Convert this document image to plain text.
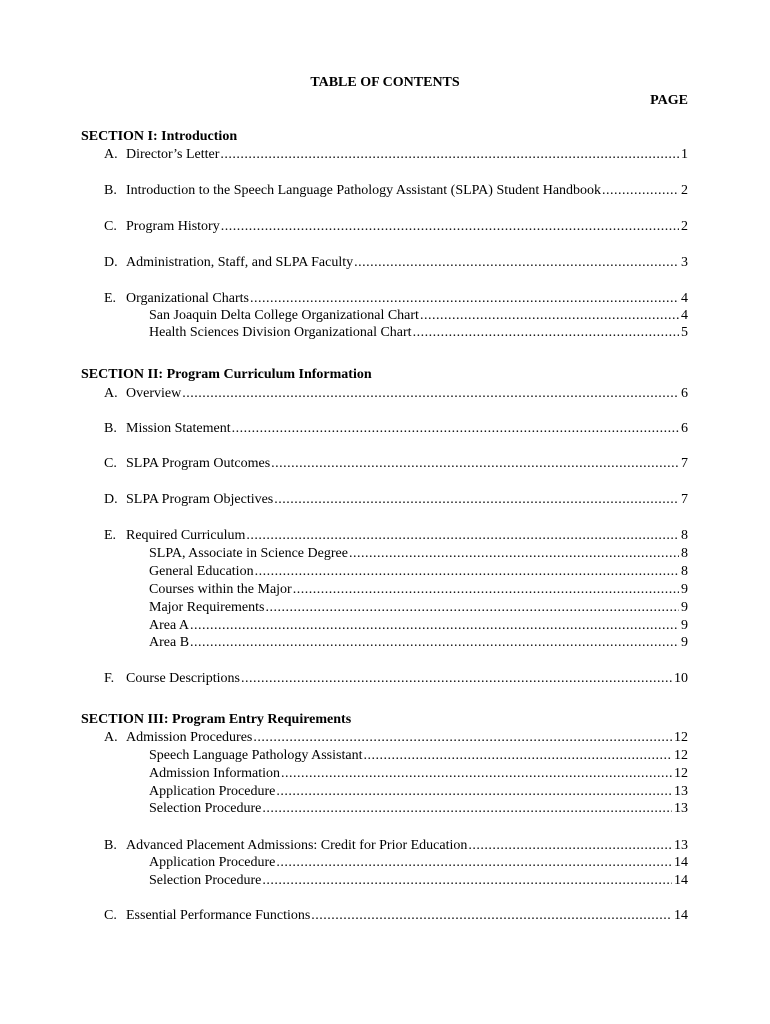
TABLE OF CONTENTS
PAGE
SECTION I: Introduction
A. Director’s Letter .....	1
B. Introduction to the Speech Language Pathology Assistant (SLPA) Student Handbook .....	2
C. Program History .....	2
D. Administration, Staff, and SLPA Faculty .....	3
E. Organizational Charts .....	4
San Joaquin Delta College Organizational Chart .....	4
Health Sciences Division Organizational Chart .....	5
SECTION II: Program Curriculum Information
A. Overview .....	6
B. Mission Statement .....	6
C. SLPA Program Outcomes .....	7
D. SLPA Program Objectives .....	7
E. Required Curriculum .....	8
SLPA, Associate in Science Degree .....	8
General Education .....	8
Courses within the Major .....	9
Major Requirements .....	9
Area A .....	9
Area B .....	9
F. Course Descriptions .....	10
SECTION III: Program Entry Requirements
A. Admission Procedures .....	12
Speech Language Pathology Assistant .....	12
Admission Information .....	12
Application Procedure .....	13
Selection Procedure .....	13
B. Advanced Placement Admissions: Credit for Prior Education .....	13
Application Procedure .....	14
Selection Procedure .....	14
C. Essential Performance Functions .....	14
